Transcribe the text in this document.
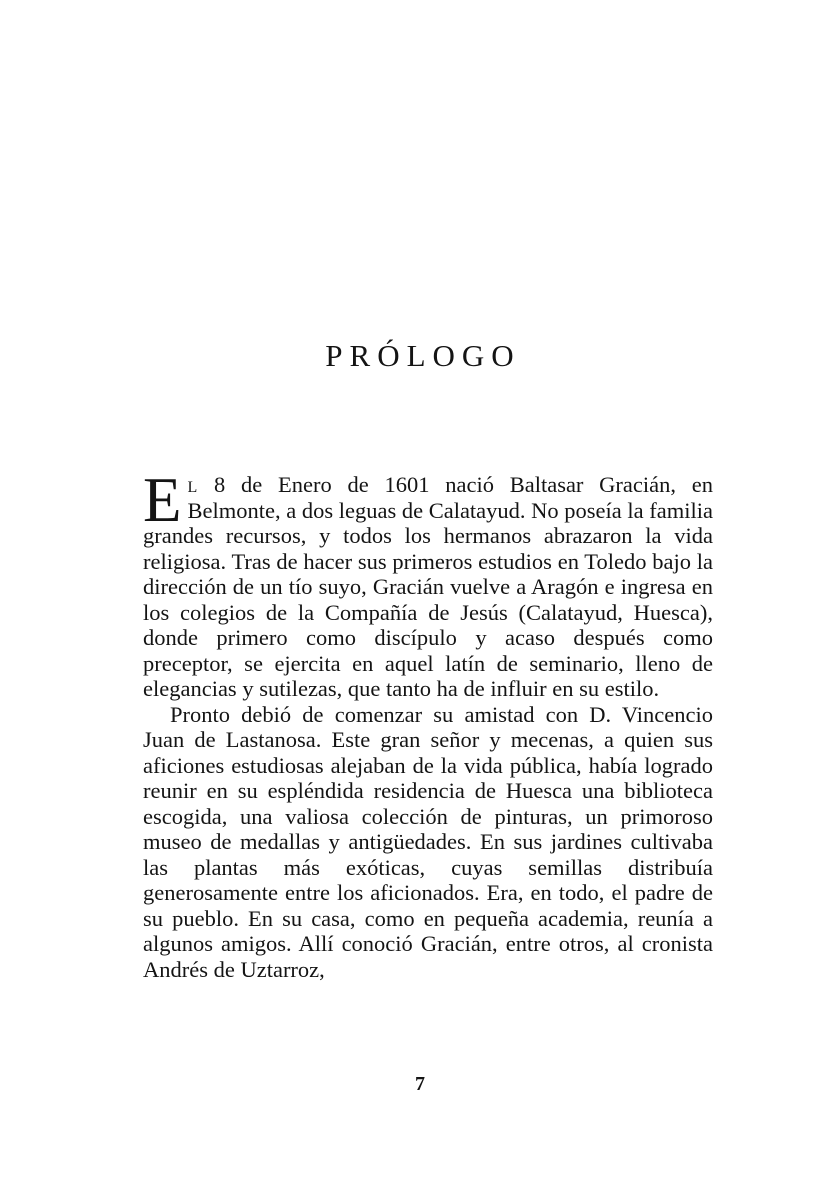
PRÓLOGO

El 8 de Enero de 1601 nació Baltasar Gracián, en Belmonte, a dos leguas de Calatayud. No poseía la familia grandes recursos, y todos los hermanos abrazaron la vida religiosa. Tras de hacer sus primeros estudios en Toledo bajo la dirección de un tío suyo, Gracián vuelve a Aragón e ingresa en los colegios de la Compañía de Jesús (Calatayud, Huesca), donde primero como discípulo y acaso después como preceptor, se ejercita en aquel latín de seminario, lleno de elegancias y sutilezas, que tanto ha de influir en su estilo.

Pronto debió de comenzar su amistad con D. Vincencio Juan de Lastanosa. Este gran señor y mecenas, a quien sus aficiones estudiosas alejaban de la vida pública, había logrado reunir en su espléndida residencia de Huesca una biblioteca escogida, una valiosa colección de pinturas, un primoroso museo de medallas y antigüedades. En sus jardines cultivaba las plantas más exóticas, cuyas semillas distribuía generosamente entre los aficionados. Era, en todo, el padre de su pueblo. En su casa, como en pequeña academia, reunía a algunos amigos. Allí conoció Gracián, entre otros, al cronista Andrés de Uztarroz,

7
